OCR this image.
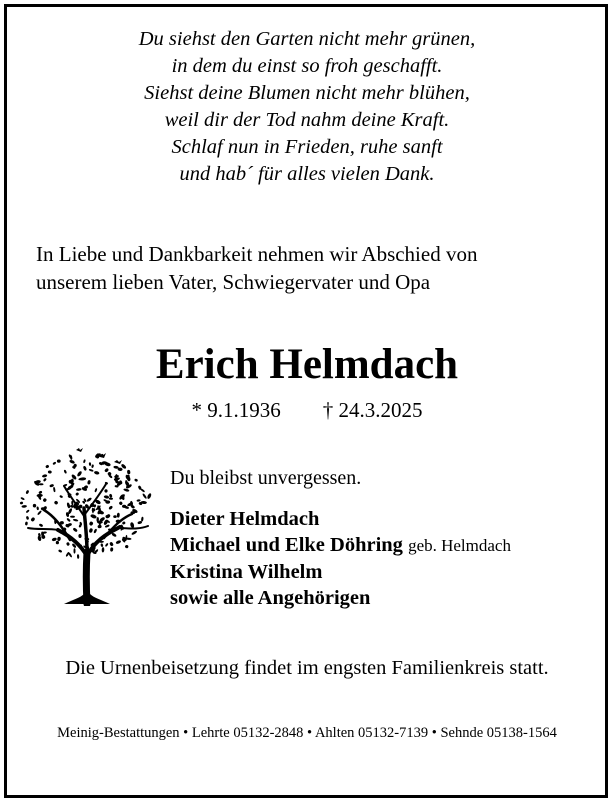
Du siehst den Garten nicht mehr grünen,
in dem du einst so froh geschafft.
Siehst deine Blumen nicht mehr blühen,
weil dir der Tod nahm deine Kraft.
Schlaf nun in Frieden, ruhe sanft
und hab´ für alles vielen Dank.
In Liebe und Dankbarkeit nehmen wir Abschied von
unserem lieben Vater, Schwiegervater und Opa
Erich Helmdach
* 9.1.1936 † 24.3.2025
Du bleibst unvergessen.
Dieter Helmdach
Michael und Elke Döhring geb. Helmdach
Kristina Wilhelm
sowie alle Angehörigen
Die Urnenbeisetzung findet im engsten Familienkreis statt.
Meinig-Bestattungen • Lehrte 05132-2848 • Ahlten 05132-7139 • Sehnde 05138-1564
